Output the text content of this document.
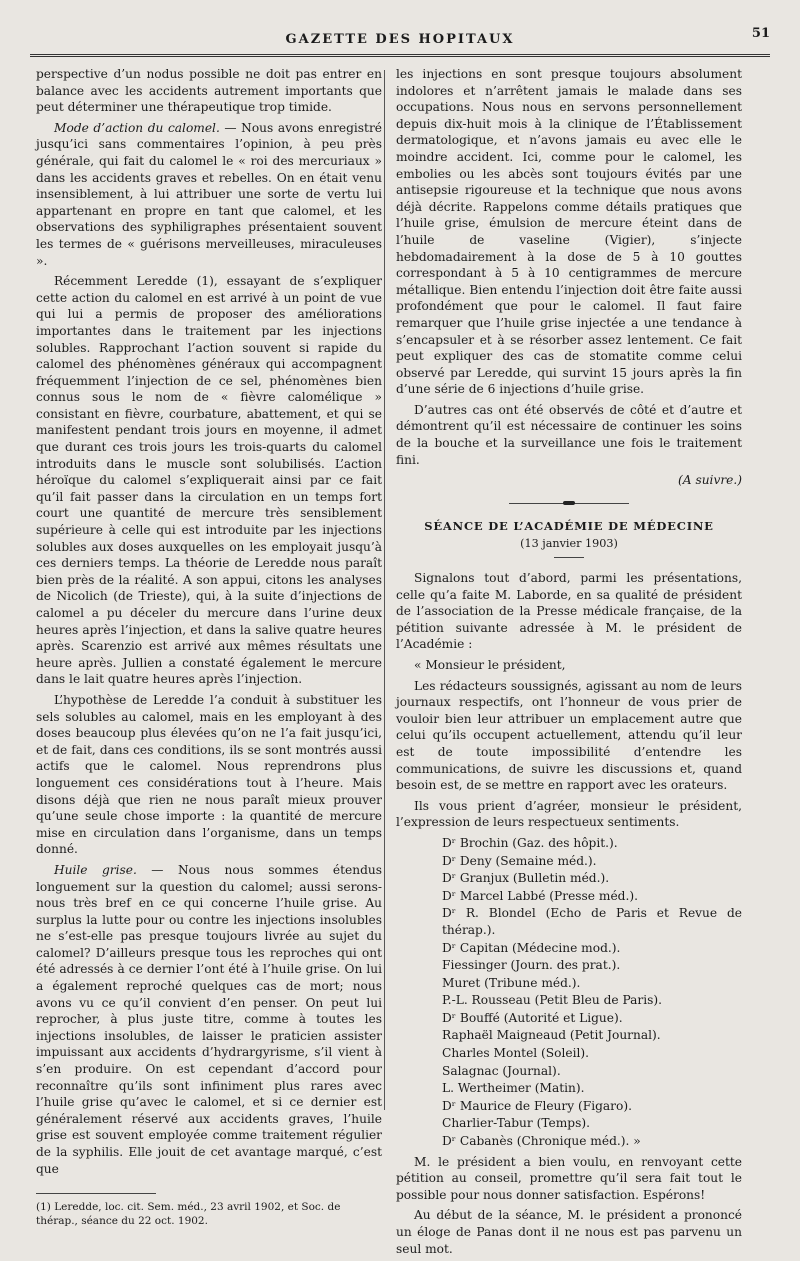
GAZETTE DES HOPITAUX	51

perspective d’un nodus possible ne doit pas entrer en balance avec les accidents autrement importants que peut déterminer une thérapeutique trop timide.

Mode d’action du calomel. — Nous avons enregistré jusqu’ici sans commentaires l’opinion, à peu près générale, qui fait du calomel le « roi des mercuriaux » dans les accidents graves et rebelles. On en était venu insensiblement, à lui attribuer une sorte de vertu lui appartenant en propre en tant que calomel, et les observations des syphiligraphes présentaient souvent les termes de « guérisons merveilleuses, miraculeuses ».

Récemment Leredde (1), essayant de s’expliquer cette action du calomel en est arrivé à un point de vue qui lui a permis de proposer des améliorations importantes dans le traitement par les injections solubles. Rapprochant l’action souvent si rapide du calomel des phénomènes généraux qui accompagnent fréquemment l’injection de ce sel, phénomènes bien connus sous le nom de « fièvre calomélique » consistant en fièvre, courbature, abattement, et qui se manifestent pendant trois jours en moyenne, il admet que durant ces trois jours les trois-quarts du calomel introduits dans le muscle sont solubilisés. L’action héroïque du calomel s’expliquerait ainsi par ce fait qu’il fait passer dans la circulation en un temps fort court une quantité de mercure très sensiblement supérieure à celle qui est introduite par les injections solubles aux doses auxquelles on les employait jusqu’à ces derniers temps. La théorie de Leredde nous paraît bien près de la réalité. A son appui, citons les analyses de Nicolich (de Trieste), qui, à la suite d’injections de calomel a pu déceler du mercure dans l’urine deux heures après l’injection, et dans la salive quatre heures après. Scarenzio est arrivé aux mêmes résultats une heure après. Jullien a constaté également le mercure dans le lait quatre heures après l’injection.

L’hypothèse de Leredde l’a conduit à substituer les sels solubles au calomel, mais en les employant à des doses beaucoup plus élevées qu’on ne l’a fait jusqu’ici, et de fait, dans ces conditions, ils se sont montrés aussi actifs que le calomel. Nous reprendrons plus longuement ces considérations tout à l’heure. Mais disons déjà que rien ne nous paraît mieux prouver qu’une seule chose importe : la quantité de mercure mise en circulation dans l’organisme, dans un temps donné.

Huile grise. — Nous nous sommes étendus longuement sur la question du calomel; aussi serons-nous très bref en ce qui concerne l’huile grise. Au surplus la lutte pour ou contre les injections insolubles ne s’est-elle pas presque toujours livrée au sujet du calomel? D’ailleurs presque tous les reproches qui ont été adressés à ce dernier l’ont été à l’huile grise. On lui a également reproché quelques cas de mort; nous avons vu ce qu’il convient d’en penser. On peut lui reprocher, à plus juste titre, comme à toutes les injections insolubles, de laisser le praticien assister impuissant aux accidents d’hydrargyrisme, s’il vient à s’en produire. On est cependant d’accord pour reconnaître qu’ils sont infiniment plus rares avec l’huile grise qu’avec le calomel, et si ce dernier est généralement réservé aux accidents graves, l’huile grise est souvent employée comme traitement régulier de la syphilis. Elle jouit de cet avantage marqué, c’est que

(1) Leredde, loc. cit. Sem. méd., 23 avril 1902, et Soc. de thérap., séance du 22 oct. 1902.

les injections en sont presque toujours absolument indolores et n’arrêtent jamais le malade dans ses occupations. Nous nous en servons personnellement depuis dix-huit mois à la clinique de l’Établissement dermatologique, et n’avons jamais eu avec elle le moindre accident. Ici, comme pour le calomel, les embolies ou les abcès sont toujours évités par une antisepsie rigoureuse et la technique que nous avons déjà décrite. Rappelons comme détails pratiques que l’huile grise, émulsion de mercure éteint dans de l’huile de vaseline (Vigier), s’injecte hebdomadairement à la dose de 5 à 10 gouttes correspondant à 5 à 10 centigrammes de mercure métallique. Bien entendu l’injection doit être faite aussi profondément que pour le calomel. Il faut faire remarquer que l’huile grise injectée a une tendance à s’encapsuler et à se résorber assez lentement. Ce fait peut expliquer des cas de stomatite comme celui observé par Leredde, qui survint 15 jours après la fin d’une série de 6 injections d’huile grise.

D’autres cas ont été observés de côté et d’autre et démontrent qu’il est nécessaire de continuer les soins de la bouche et la surveillance une fois le traitement fini.

(A suivre.)

SÉANCE DE L’ACADÉMIE DE MÉDECINE

(13 janvier 1903)

Signalons tout d’abord, parmi les présentations, celle qu’a faite M. Laborde, en sa qualité de président de l’association de la Presse médicale française, de la pétition suivante adressée à M. le président de l’Académie :

« Monsieur le président,

Les rédacteurs soussignés, agissant au nom de leurs journaux respectifs, ont l’honneur de vous prier de vouloir bien leur attribuer un emplacement autre que celui qu’ils occupent actuellement, attendu qu’il leur est de toute impossibilité d’entendre les communications, de suivre les discussions et, quand besoin est, de se mettre en rapport avec les orateurs.

Ils vous prient d’agréer, monsieur le président, l’expression de leurs respectueux sentiments.

Dʳ Brochin (Gaz. des hôpit.).
Dʳ Deny (Semaine méd.).
Dʳ Granjux (Bulletin méd.).
Dʳ Marcel Labbé (Presse méd.).
Dʳ R. Blondel (Echo de Paris et Revue de thérap.).
Dʳ Capitan (Médecine mod.).
Fiessinger (Journ. des prat.).
Muret (Tribune méd.).
P.-L. Rousseau (Petit Bleu de Paris).
Dʳ Bouffé (Autorité et Ligue).
Raphaël Maigneaud (Petit Journal).
Charles Montel (Soleil).
Salagnac (Journal).
L. Wertheimer (Matin).
Dʳ Maurice de Fleury (Figaro).
Charlier-Tabur (Temps).
Dʳ Cabanès (Chronique méd.). »

M. le président a bien voulu, en renvoyant cette pétition au conseil, promettre qu’il sera fait tout le possible pour nous donner satisfaction. Espérons!

Au début de la séance, M. le président a prononcé un éloge de Panas dont il ne nous est pas parvenu un seul mot.
